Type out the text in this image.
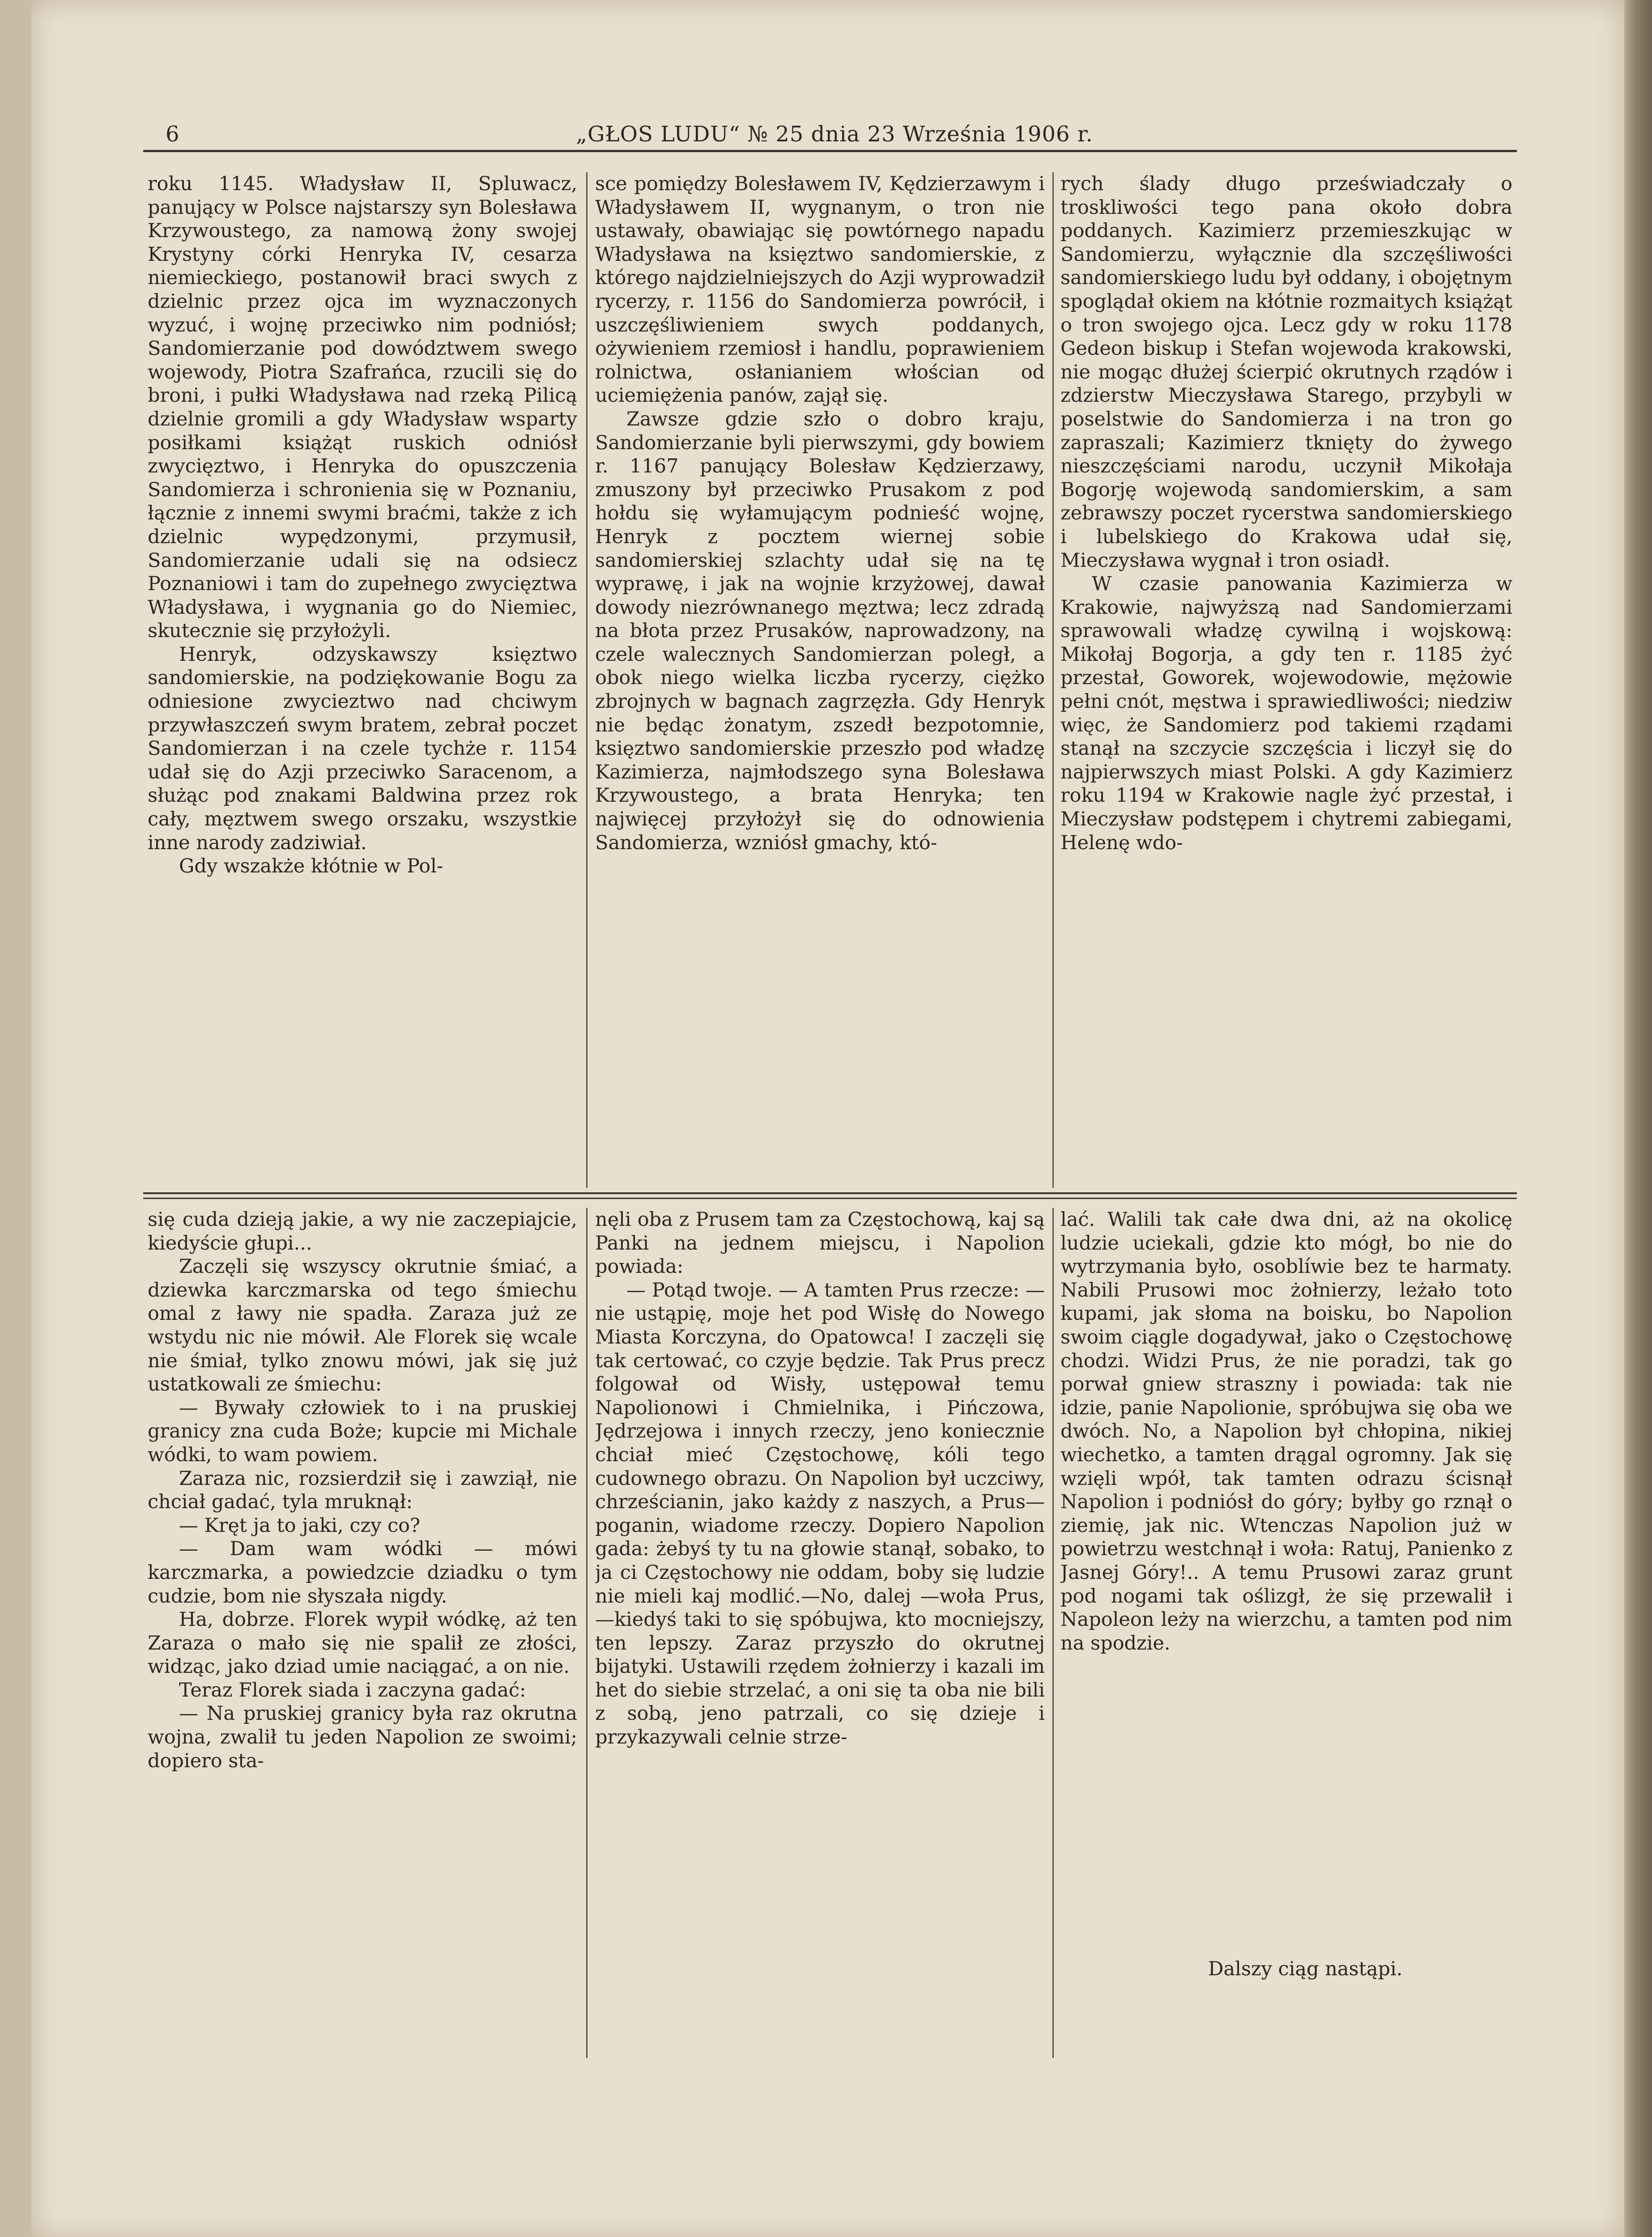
6	„GŁOS LUDU“ № 25 dnia 23 Września 1906 r.

roku 1145. Władysław II, Spluwacz, panujący w Polsce najstarszy syn Bolesława Krzywoustego, za namową żony swojej Krystyny córki Henryka IV, cesarza niemieckiego, postanowił braci swych z dzielnic przez ojca im wyznaczonych wyzuć, i wojnę przeciwko nim podniósł; Sandomierzanie pod dowództwem swego wojewody, Piotra Szafrańca, rzucili się do broni, i pułki Władysława nad rzeką Pilicą dzielnie gromili a gdy Władysław wsparty posiłkami książąt ruskich odniósł zwycięztwo, i Henryka do opuszczenia Sandomierza i schronienia się w Poznaniu, łącznie z innemi swymi braćmi, także z ich dzielnic wypędzonymi, przymusił, Sandomierzanie udali się na odsiecz Poznaniowi i tam do zupełnego zwycięztwa Władysława, i wygnania go do Niemiec, skutecznie się przyłożyli.

Henryk, odzyskawszy księztwo sandomierskie, na podziękowanie Bogu za odniesione zwycieztwo nad chciwym przywłaszczeń swym bratem, zebrał poczet Sandomierzan i na czele tychże r. 1154 udał się do Azji przeciwko Saracenom, a służąc pod znakami Baldwina przez rok cały, męztwem swego orszaku, wszystkie inne narody zadziwiał.

Gdy wszakże kłótnie w Pol-

sce pomiędzy Bolesławem IV, Kędzierzawym i Władysławem II, wygnanym, o tron nie ustawały, obawiając się powtórnego napadu Władysława na księztwo sandomierskie, z którego najdzielniejszych do Azji wyprowadził rycerzy, r. 1156 do Sandomierza powrócił, i uszczęśliwieniem swych poddanych, ożywieniem rzemiosł i handlu, poprawieniem rolnictwa, osłanianiem włościan od uciemiężenia panów, zajął się.

Zawsze gdzie szło o dobro kraju, Sandomierzanie byli pierwszymi, gdy bowiem r. 1167 panujący Bolesław Kędzierzawy, zmuszony był przeciwko Prusakom z pod hołdu się wyłamującym podnieść wojnę, Henryk z pocztem wiernej sobie sandomierskiej szlachty udał się na tę wyprawę, i jak na wojnie krzyżowej, dawał dowody niezrównanego męztwa; lecz zdradą na błota przez Prusaków, naprowadzony, na czele walecznych Sandomierzan poległ, a obok niego wielka liczba rycerzy, ciężko zbrojnych w bagnach zagrzęzła. Gdy Henryk nie będąc żonatym, zszedł bezpotomnie, księztwo sandomierskie przeszło pod władzę Kazimierza, najmłodszego syna Bolesława Krzywoustego, a brata Henryka; ten najwięcej przyłożył się do odnowienia Sandomierza, wzniósł gmachy, któ-

rych ślady długo przeświadczały o troskliwości tego pana około dobra poddanych. Kazimierz przemieszkując w Sandomierzu, wyłącznie dla szczęśliwości sandomierskiego ludu był oddany, i obojętnym spoglądał okiem na kłótnie rozmaitych książąt o tron swojego ojca. Lecz gdy w roku 1178 Gedeon biskup i Stefan wojewoda krakowski, nie mogąc dłużej ścierpić okrutnych rządów i zdzierstw Mieczysława Starego, przybyli w poselstwie do Sandomierza i na tron go zapraszali; Kazimierz tknięty do żywego nieszczęściami narodu, uczynił Mikołaja Bogorję wojewodą sandomierskim, a sam zebrawszy poczet rycerstwa sandomierskiego i lubelskiego do Krakowa udał się, Mieczysława wygnał i tron osiadł.

W czasie panowania Kazimierza w Krakowie, najwyższą nad Sandomierzami sprawowali władzę cywilną i wojskową: Mikołaj Bogorja, a gdy ten r. 1185 żyć przestał, Goworek, wojewodowie, mężowie pełni cnót, męstwa i sprawiedliwości; niedziw więc, że Sandomierz pod takiemi rządami stanął na szczycie szczęścia i liczył się do najpierwszych miast Polski. A gdy Kazimierz roku 1194 w Krakowie nagle żyć przestał, i Mieczysław podstępem i chytremi zabiegami, Helenę wdo-

się cuda dzieją jakie, a wy nie zaczepiajcie, kiedyście głupi...

Zaczęli się wszyscy okrutnie śmiać, a dziewka karczmarska od tego śmiechu omal z ławy nie spadła. Zaraza już ze wstydu nic nie mówił. Ale Florek się wcale nie śmiał, tylko znowu mówi, jak się już ustatkowali ze śmiechu:

— Bywały człowiek to i na pruskiej granicy zna cuda Boże; kupcie mi Michale wódki, to wam powiem.

Zaraza nic, rozsierdził się i zawziął, nie chciał gadać, tyla mruknął:

— Kręt ja to jaki, czy co?

— Dam wam wódki — mówi karczmarka, a powiedzcie dziadku o tym cudzie, bom nie słyszała nigdy.

Ha, dobrze. Florek wypił wódkę, aż ten Zaraza o mało się nie spalił ze złości, widząc, jako dziad umie naciągać, a on nie.

Teraz Florek siada i zaczyna gadać:

— Na pruskiej granicy była raz okrutna wojna, zwalił tu jeden Napolion ze swoimi; dopiero sta-

nęli oba z Prusem tam za Częstochową, kaj są Panki na jednem miejscu, i Napolion powiada:

— Potąd twoje. — A tamten Prus rzecze: — nie ustąpię, moje het pod Wisłę do Nowego Miasta Korczyna, do Opatowca! I zaczęli się tak certować, co czyje będzie. Tak Prus precz folgował od Wisły, ustępował temu Napolionowi i Chmielnika, i Pińczowa, Jędrzejowa i innych rzeczy, jeno koniecznie chciał mieć Częstochowę, kóli tego cudownego obrazu. On Napolion był uczciwy, chrześcianin, jako każdy z naszych, a Prus—poganin, wiadome rzeczy. Dopiero Napolion gada: żebyś ty tu na głowie stanął, sobako, to ja ci Częstochowy nie oddam, boby się ludzie nie mieli kaj modlić.—No, dalej —woła Prus,—kiedyś taki to się spóbujwa, kto mocniejszy, ten lepszy. Zaraz przyszło do okrutnej bijatyki. Ustawili rzędem żołnierzy i kazali im het do siebie strzelać, a oni się ta oba nie bili z sobą, jeno patrzali, co się dzieje i przykazywali celnie strze-

lać. Walili tak całe dwa dni, aż na okolicę ludzie uciekali, gdzie kto mógł, bo nie do wytrzymania było, osoblíwie bez te harmaty. Nabili Prusowi moc żołnierzy, leżało toto kupami, jak słoma na boisku, bo Napolion swoim ciągle dogadywał, jako o Częstochowę chodzi. Widzi Prus, że nie poradzi, tak go porwał gniew straszny i powiada: tak nie idzie, panie Napolionie, spróbujwa się oba we dwóch. No, a Napolion był chłopina, nikiej wiechetko, a tamten drągal ogromny. Jak się wzięli wpół, tak tamten odrazu ścisnął Napolion i podniósł do góry; byłby go rznął o ziemię, jak nic. Wtenczas Napolion już w powietrzu westchnął i woła: Ratuj, Panienko z Jasnej Góry!.. A temu Prusowi zaraz grunt pod nogami tak oślizgł, że się przewalił i Napoleon leży na wierzchu, a tamten pod nim na spodzie.

Dalszy ciąg nastąpi.
